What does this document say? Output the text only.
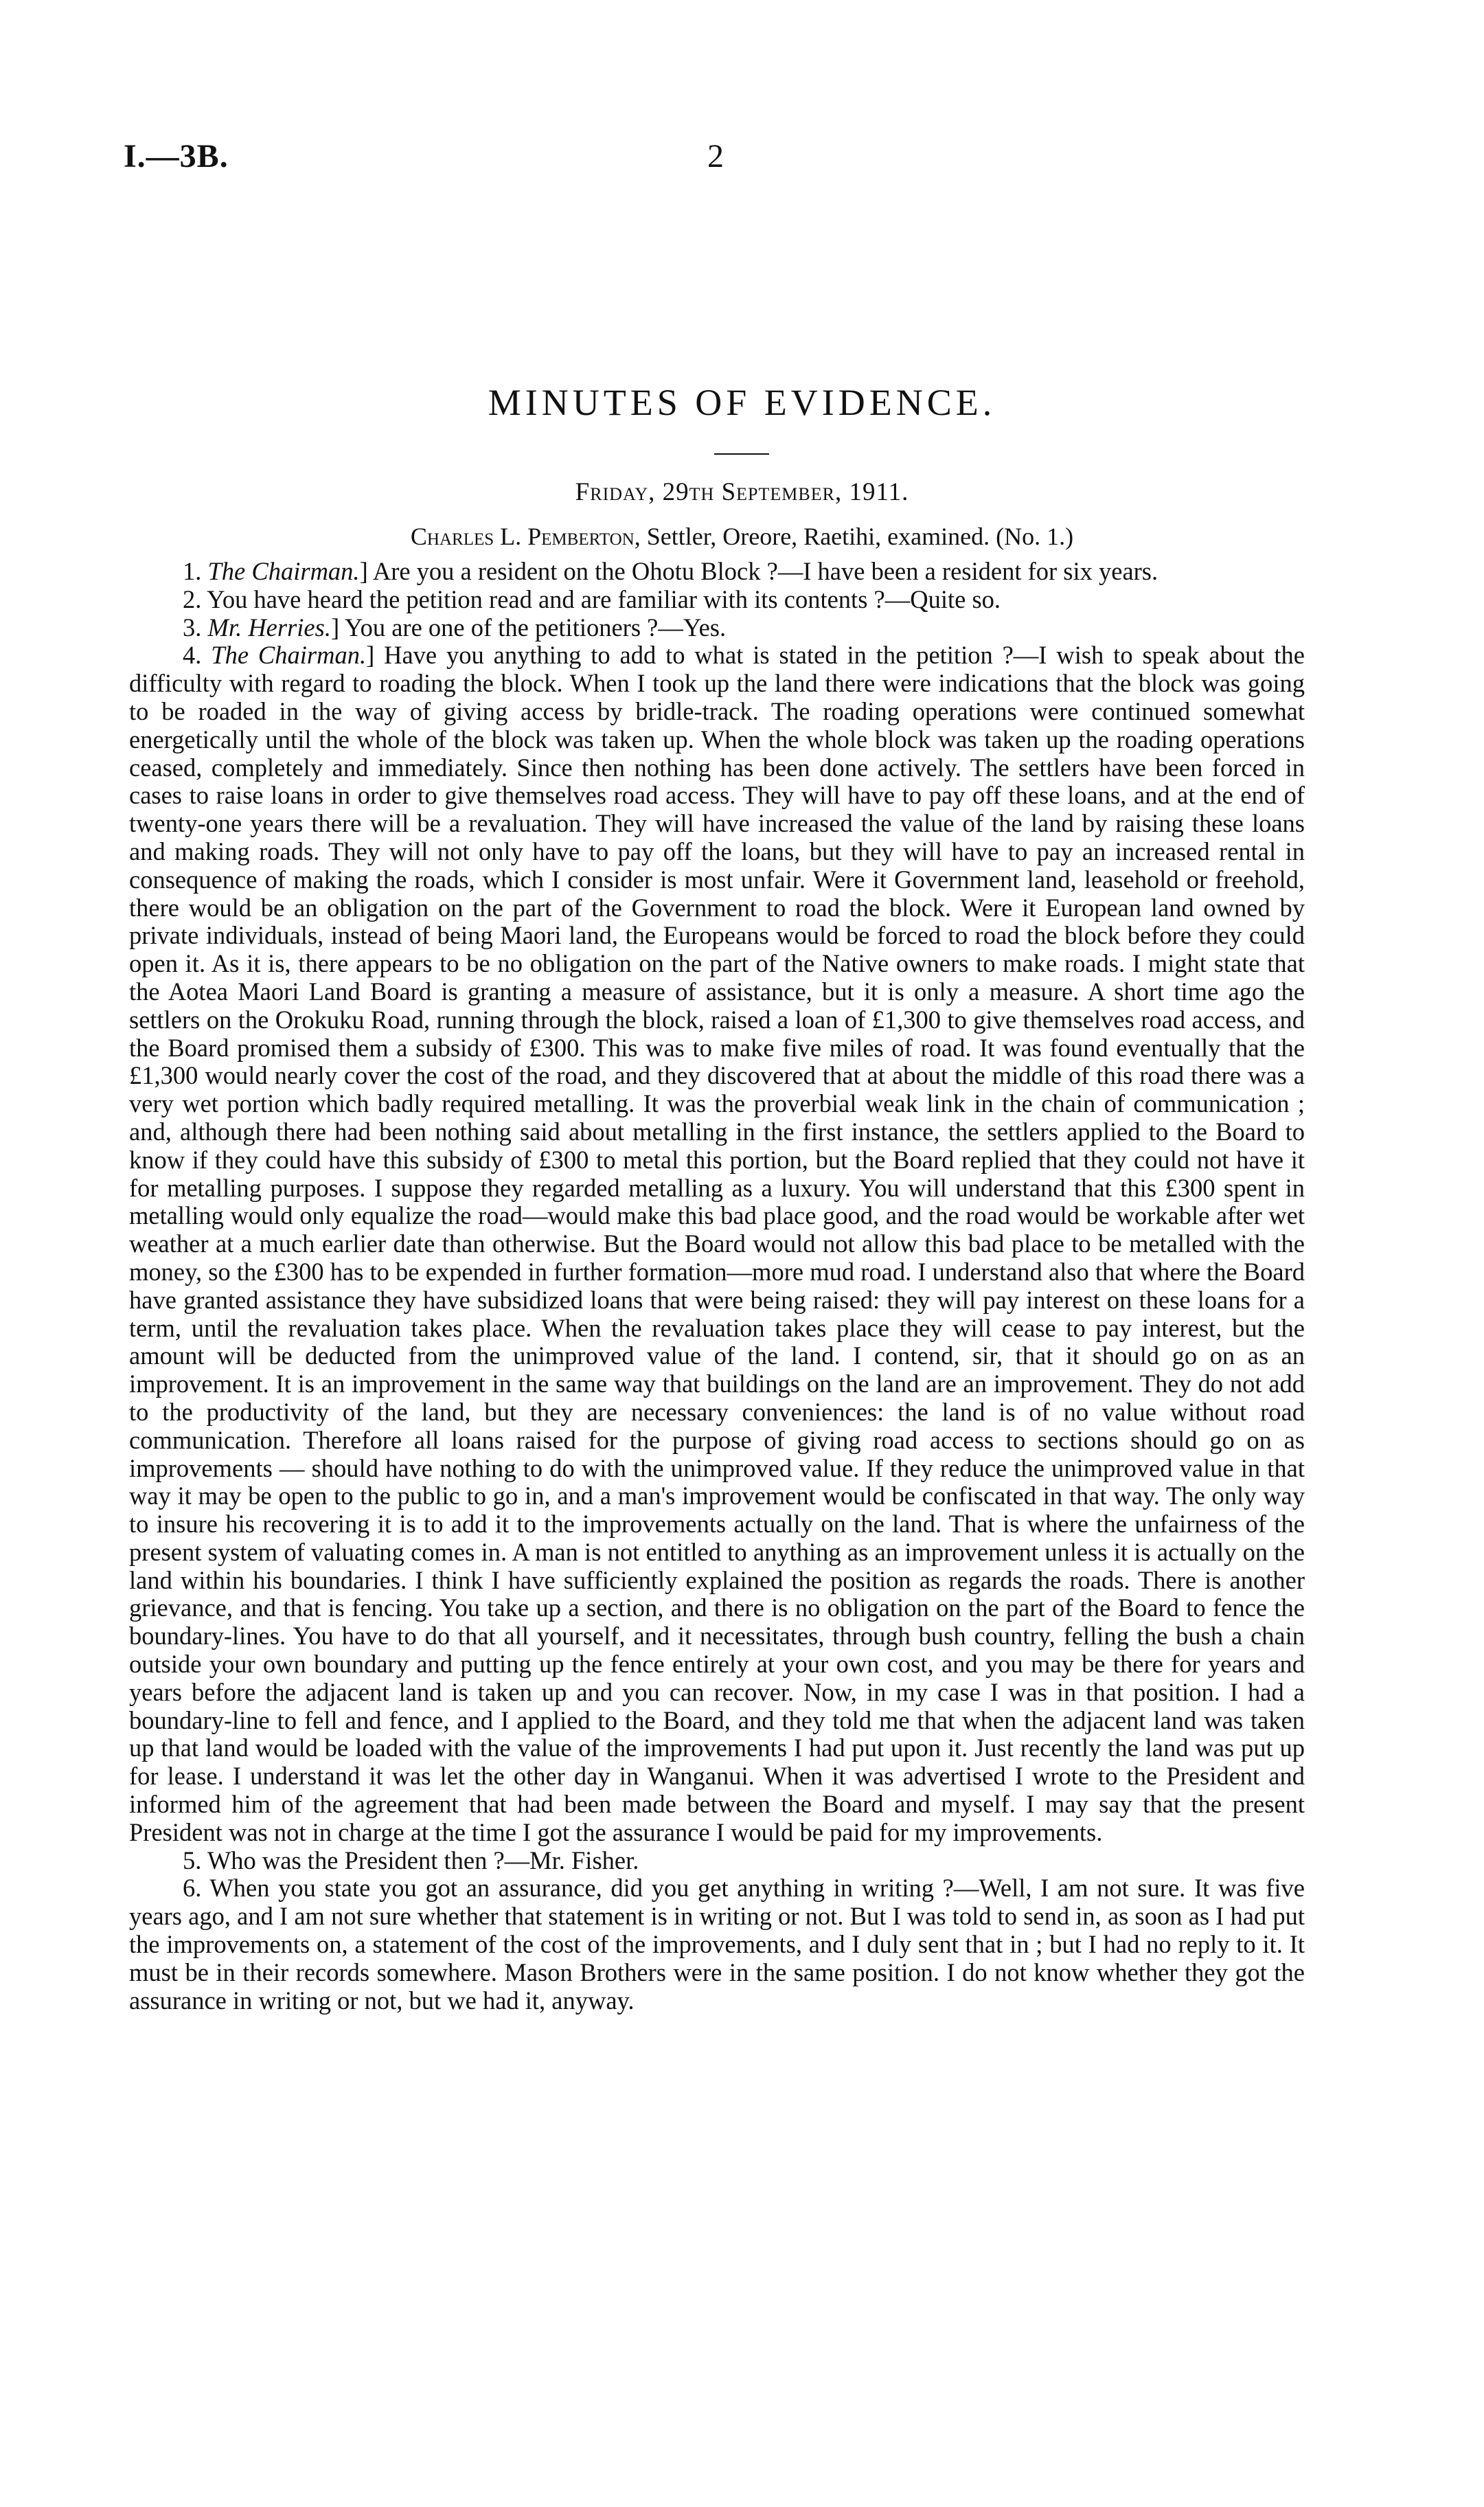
I.—3B.	2
MINUTES OF EVIDENCE.
Friday, 29th September, 1911.
Charles L. Pemberton, Settler, Oreore, Raetihi, examined. (No. 1.)

1. The Chairman.] Are you a resident on the Ohotu Block ?—I have been a resident for six years.

2. You have heard the petition read and are familiar with its contents ?—Quite so.

3. Mr. Herries.] You are one of the petitioners ?—Yes.

4. The Chairman.] Have you anything to add to what is stated in the petition ?—I wish to speak about the difficulty with regard to roading the block. When I took up the land there were indications that the block was going to be roaded in the way of giving access by bridle-track. The roading operations were continued somewhat energetically until the whole of the block was taken up. When the whole block was taken up the roading operations ceased, completely and immediately. Since then nothing has been done actively. The settlers have been forced in cases to raise loans in order to give themselves road access. They will have to pay off these loans, and at the end of twenty-one years there will be a revaluation. They will have increased the value of the land by raising these loans and making roads. They will not only have to pay off the loans, but they will have to pay an increased rental in consequence of making the roads, which I consider is most unfair. Were it Government land, leasehold or freehold, there would be an obligation on the part of the Government to road the block. Were it European land owned by private individuals, instead of being Maori land, the Europeans would be forced to road the block before they could open it. As it is, there appears to be no obligation on the part of the Native owners to make roads. I might state that the Aotea Maori Land Board is granting a measure of assistance, but it is only a measure. A short time ago the settlers on the Orokuku Road, running through the block, raised a loan of £1,300 to give themselves road access, and the Board promised them a subsidy of £300. This was to make five miles of road. It was found eventually that the £1,300 would nearly cover the cost of the road, and they discovered that at about the middle of this road there was a very wet portion which badly required metalling. It was the proverbial weak link in the chain of communication ; and, although there had been nothing said about metalling in the first instance, the settlers applied to the Board to know if they could have this subsidy of £300 to metal this portion, but the Board replied that they could not have it for metalling purposes. I suppose they regarded metalling as a luxury. You will understand that this £300 spent in metalling would only equalize the road—would make this bad place good, and the road would be workable after wet weather at a much earlier date than otherwise. But the Board would not allow this bad place to be metalled with the money, so the £300 has to be expended in further formation—more mud road. I understand also that where the Board have granted assistance they have subsidized loans that were being raised: they will pay interest on these loans for a term, until the revaluation takes place. When the revaluation takes place they will cease to pay interest, but the amount will be deducted from the unimproved value of the land. I contend, sir, that it should go on as an improvement. It is an improvement in the same way that buildings on the land are an improvement. They do not add to the productivity of the land, but they are necessary conveniences: the land is of no value without road communication. Therefore all loans raised for the purpose of giving road access to sections should go on as improvements — should have nothing to do with the unimproved value. If they reduce the unimproved value in that way it may be open to the public to go in, and a man's improvement would be confiscated in that way. The only way to insure his recovering it is to add it to the improvements actually on the land. That is where the unfairness of the present system of valuating comes in. A man is not entitled to anything as an improvement unless it is actually on the land within his boundaries. I think I have sufficiently explained the position as regards the roads. There is another grievance, and that is fencing. You take up a section, and there is no obligation on the part of the Board to fence the boundary-lines. You have to do that all yourself, and it necessitates, through bush country, felling the bush a chain outside your own boundary and putting up the fence entirely at your own cost, and you may be there for years and years before the adjacent land is taken up and you can recover. Now, in my case I was in that position. I had a boundary-line to fell and fence, and I applied to the Board, and they told me that when the adjacent land was taken up that land would be loaded with the value of the improvements I had put upon it. Just recently the land was put up for lease. I understand it was let the other day in Wanganui. When it was advertised I wrote to the President and informed him of the agreement that had been made between the Board and myself. I may say that the present President was not in charge at the time I got the assurance I would be paid for my improvements.

5. Who was the President then ?—Mr. Fisher.

6. When you state you got an assurance, did you get anything in writing ?—Well, I am not sure. It was five years ago, and I am not sure whether that statement is in writing or not. But I was told to send in, as soon as I had put the improvements on, a statement of the cost of the improvements, and I duly sent that in ; but I had no reply to it. It must be in their records somewhere. Mason Brothers were in the same position. I do not know whether they got the assurance in writing or not, but we had it, anyway.
